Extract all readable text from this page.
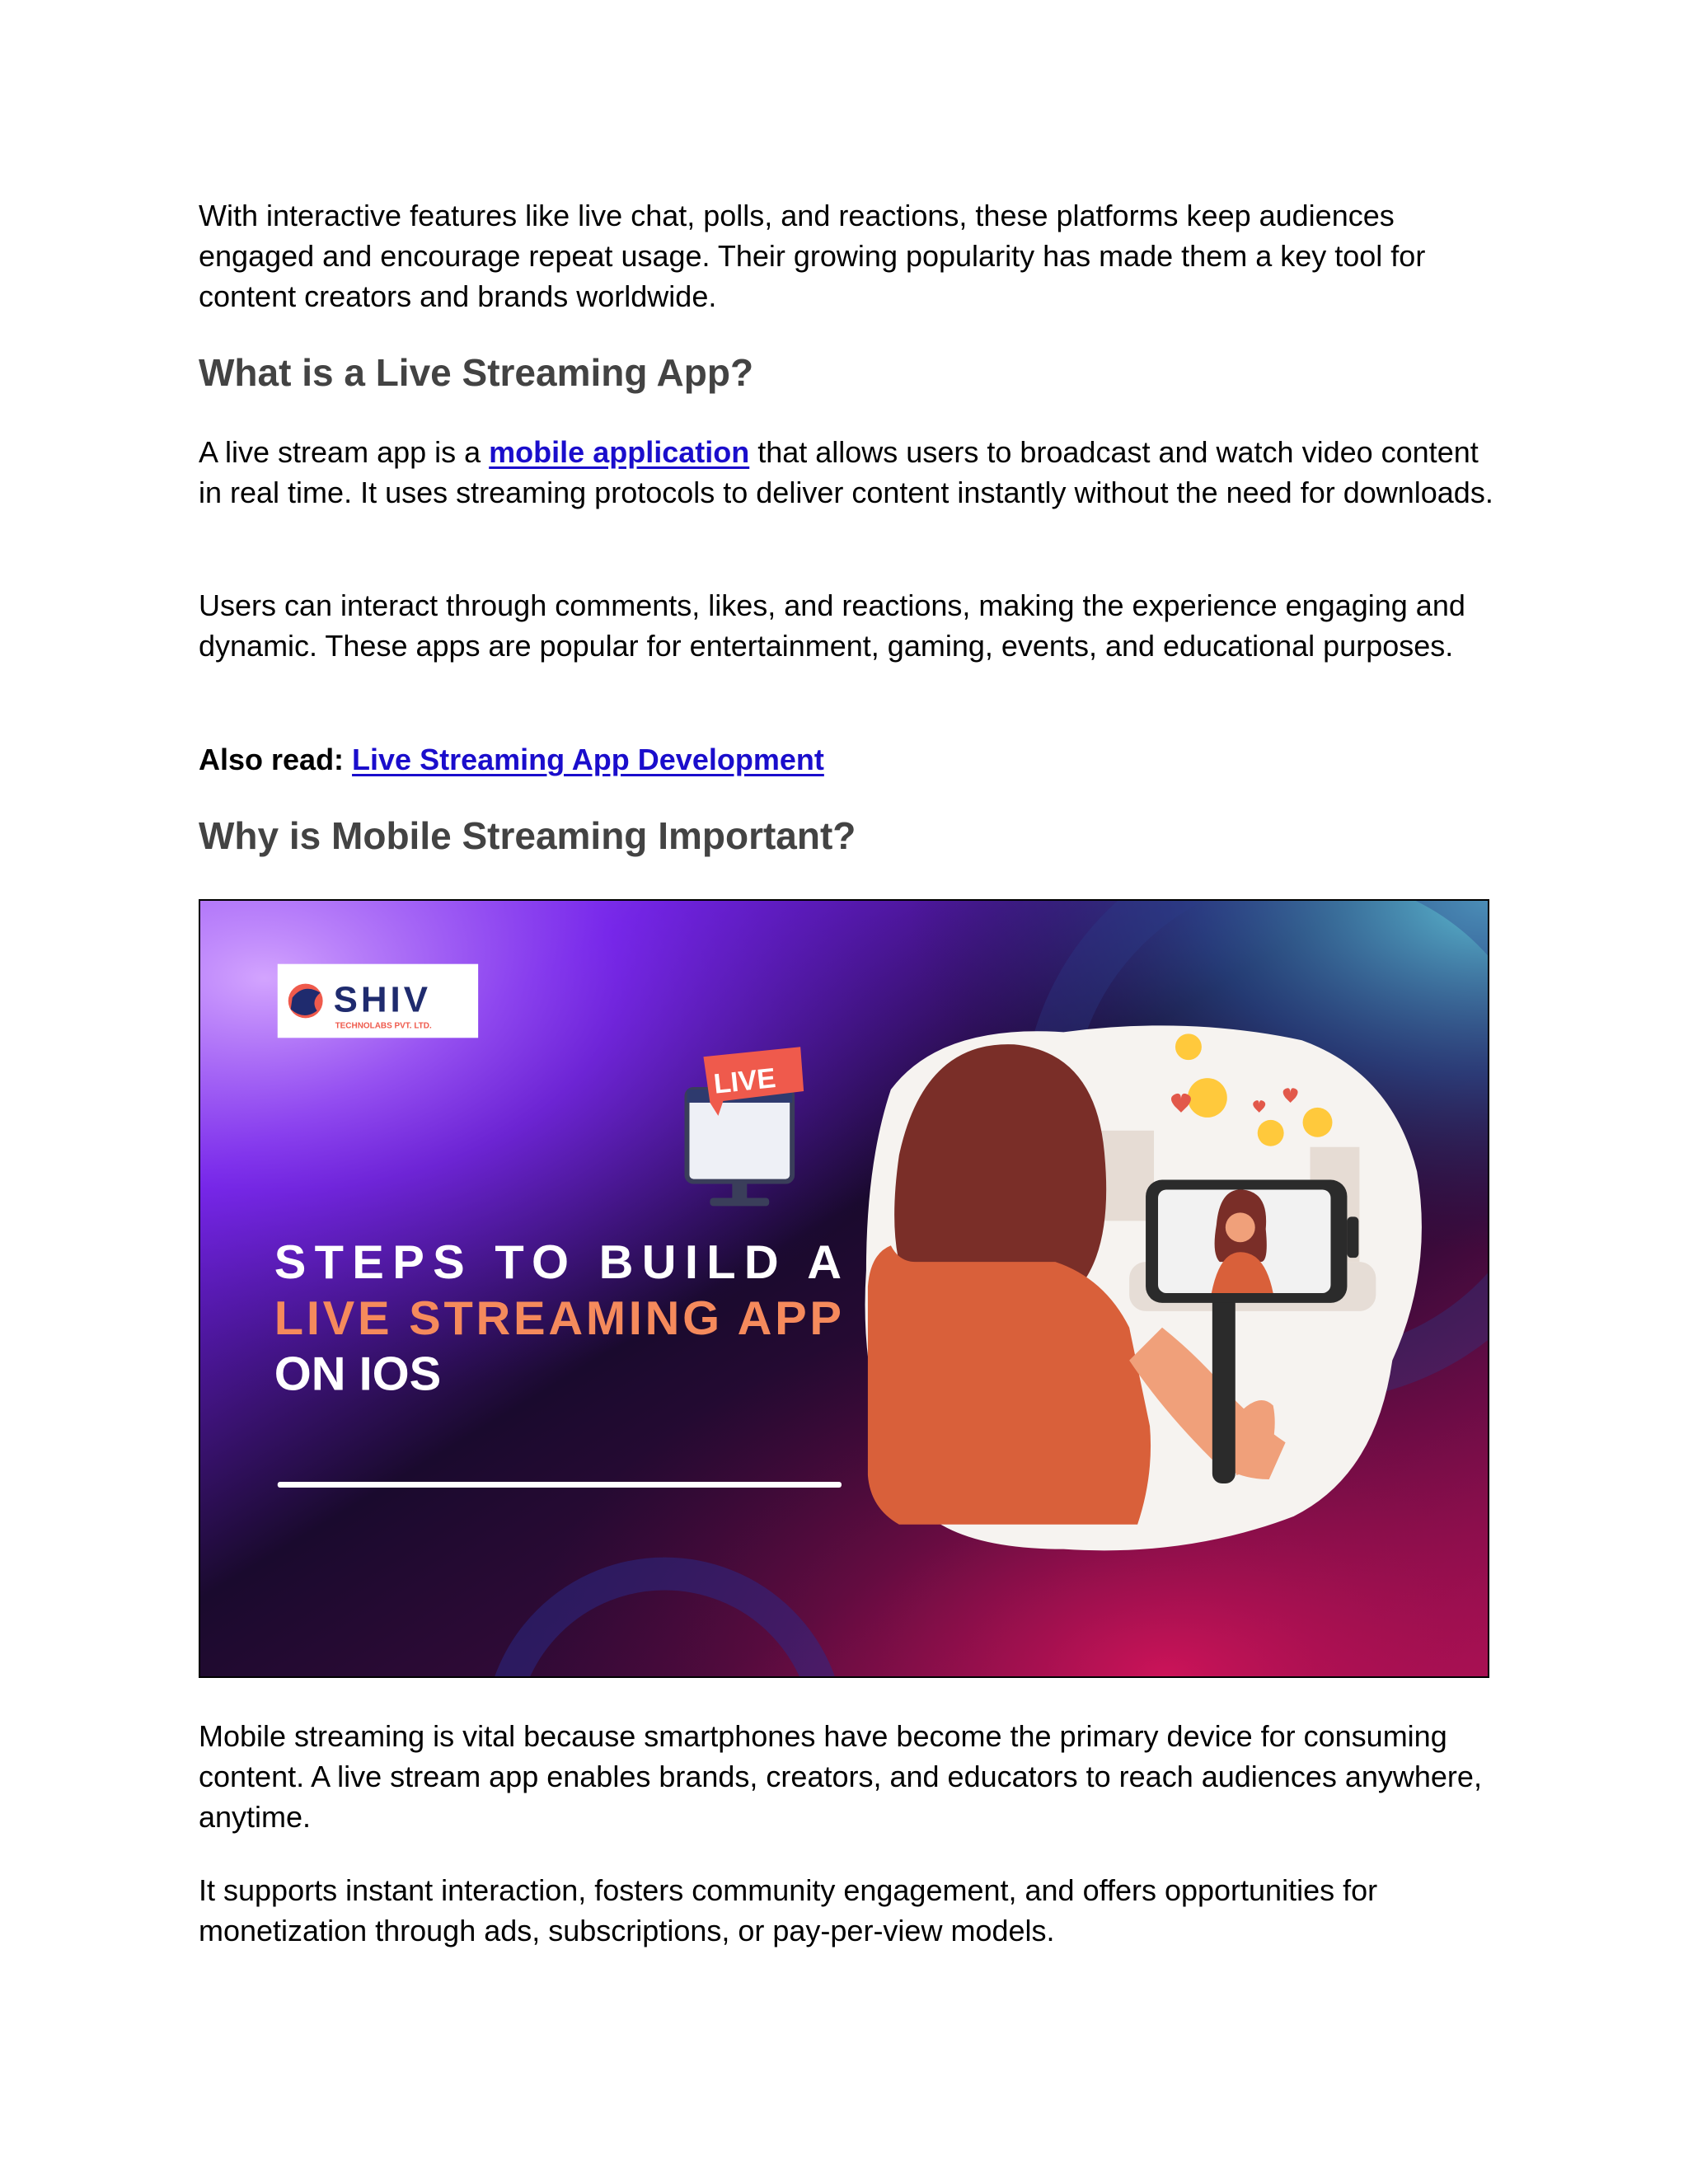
With interactive features like live chat, polls, and reactions, these platforms keep audiences engaged and encourage repeat usage. Their growing popularity has made them a key tool for content creators and brands worldwide.

What is a Live Streaming App?

A live stream app is a mobile application that allows users to broadcast and watch video content in real time. It uses streaming protocols to deliver content instantly without the need for downloads.

Users can interact through comments, likes, and reactions, making the experience engaging and dynamic. These apps are popular for entertainment, gaming, events, and educational purposes.

Also read: Live Streaming App Development

Why is Mobile Streaming Important?
SHIV
TECHNOLABS PVT. LTD.
LIVE
STEPS TO BUILD A
LIVE STREAMING APP
ON IOS

Mobile streaming is vital because smartphones have become the primary device for consuming content. A live stream app enables brands, creators, and educators to reach audiences anywhere, anytime.

It supports instant interaction, fosters community engagement, and offers opportunities for monetization through ads, subscriptions, or pay-per-view models.
